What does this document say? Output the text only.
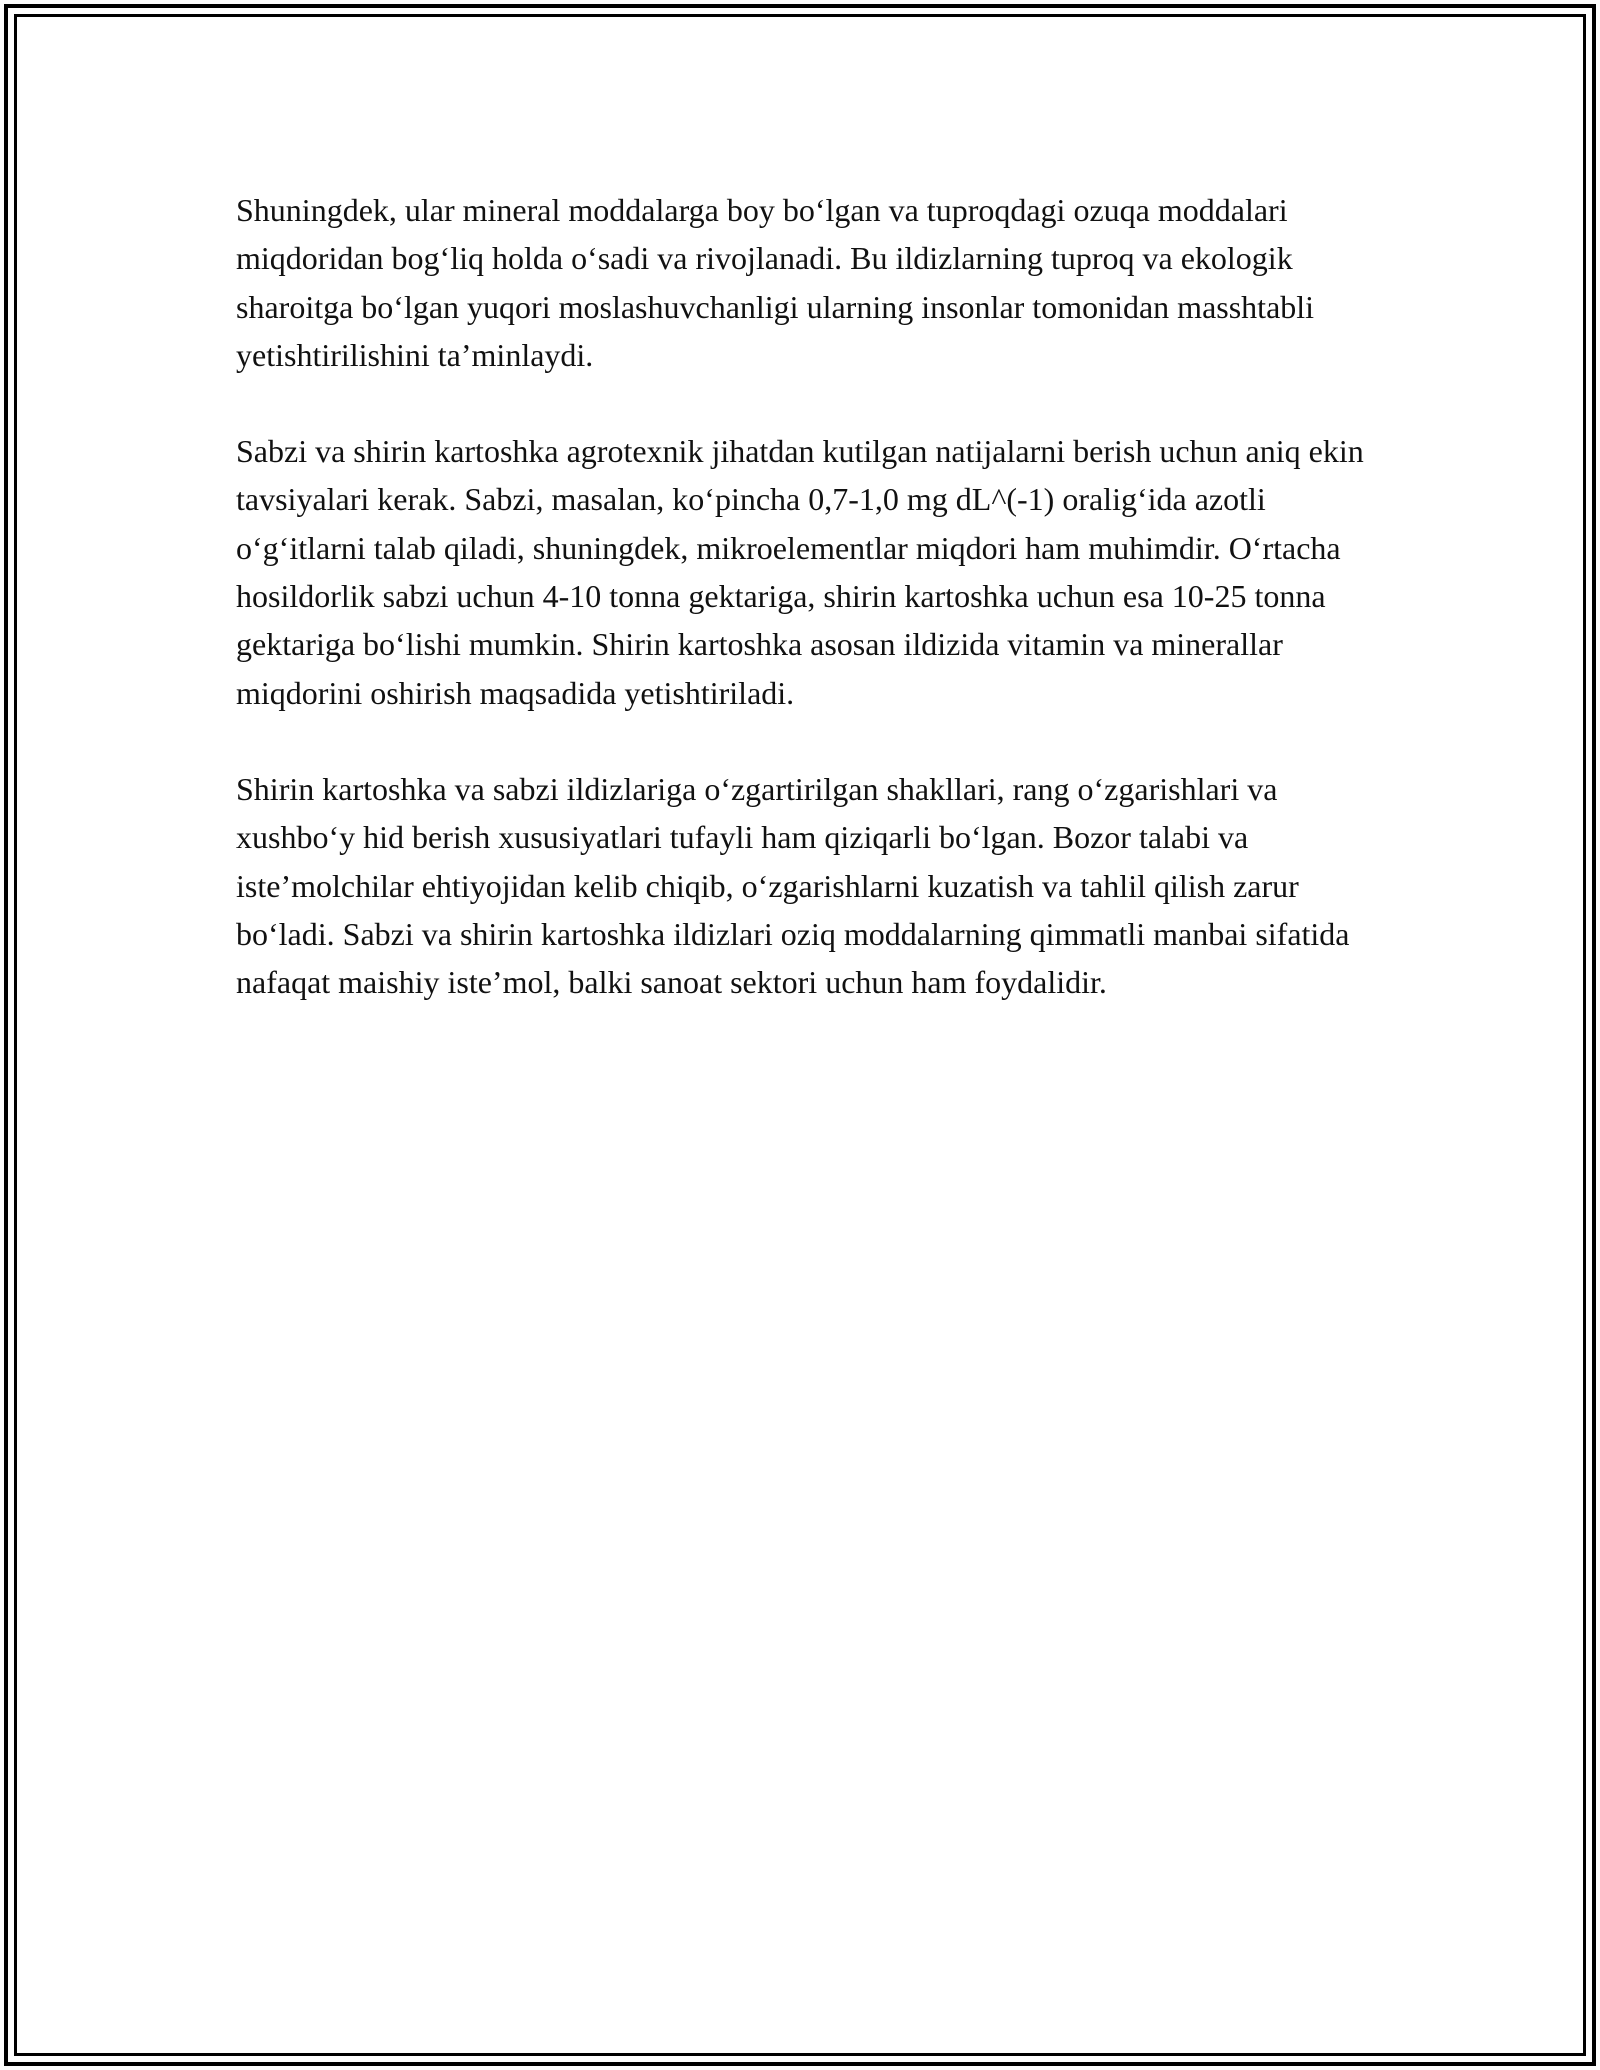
Shuningdek, ular mineral moddalarga boy bo‘lgan va tuproqdagi ozuqa moddalari miqdoridan bog‘liq holda o‘sadi va rivojlanadi. Bu ildizlarning tuproq va ekologik sharoitga bo‘lgan yuqori moslashuvchanligi ularning insonlar tomonidan masshtabli yetishtirilishini ta’minlaydi.

Sabzi va shirin kartoshka agrotexnik jihatdan kutilgan natijalarni berish uchun aniq ekin tavsiyalari kerak. Sabzi, masalan, ko‘pincha 0,7-1,0 mg dL^(-1) oralig‘ida azotli o‘g‘itlarni talab qiladi, shuningdek, mikroelementlar miqdori ham muhimdir. O‘rtacha hosildorlik sabzi uchun 4-10 tonna gektariga, shirin kartoshka uchun esa 10-25 tonna gektariga bo‘lishi mumkin. Shirin kartoshka asosan ildizida vitamin va minerallar miqdorini oshirish maqsadida yetishtiriladi.

Shirin kartoshka va sabzi ildizlariga o‘zgartirilgan shakllari, rang o‘zgarishlari va xushbo‘y hid berish xususiyatlari tufayli ham qiziqarli bo‘lgan. Bozor talabi va iste’molchilar ehtiyojidan kelib chiqib, o‘zgarishlarni kuzatish va tahlil qilish zarur bo‘ladi. Sabzi va shirin kartoshka ildizlari oziq moddalarning qimmatli manbai sifatida nafaqat maishiy iste’mol, balki sanoat sektori uchun ham foydalidir.
